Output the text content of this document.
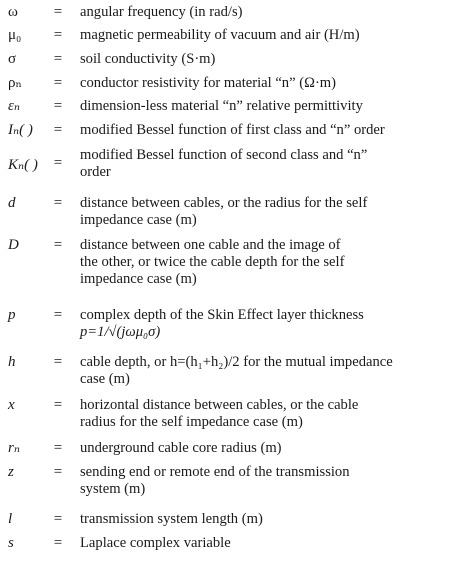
ω	= angular frequency (in rad/s)
μ₀	= magnetic permeability of vacuum and air (H/m)
σ	= soil conductivity (S·m)
ρₙ	= conductor resistivity for material “n” (Ω·m)
εₙ	= dimension-less material “n” relative permittivity
Iₙ( )	= modified Bessel function of first class and “n” order
Kₙ( )	= modified Bessel function of second class and “n”
order
d	= distance between cables, or the radius for the self
impedance case (m)
D	= distance between one cable and the image of
the other, or twice the cable depth for the self
impedance case (m)
p	= complex depth of the Skin Effect layer thickness
p=1/√(jωμ₀σ)
h	= cable depth, or h=(h₁+h₂)/2 for the mutual impedance
case (m)
x	= horizontal distance between cables, or the cable
radius for the self impedance case (m)
rₙ	= underground cable core radius (m)
z	= sending end or remote end of the transmission
system (m)
l	= transmission system length (m)
s	= Laplace complex variable
